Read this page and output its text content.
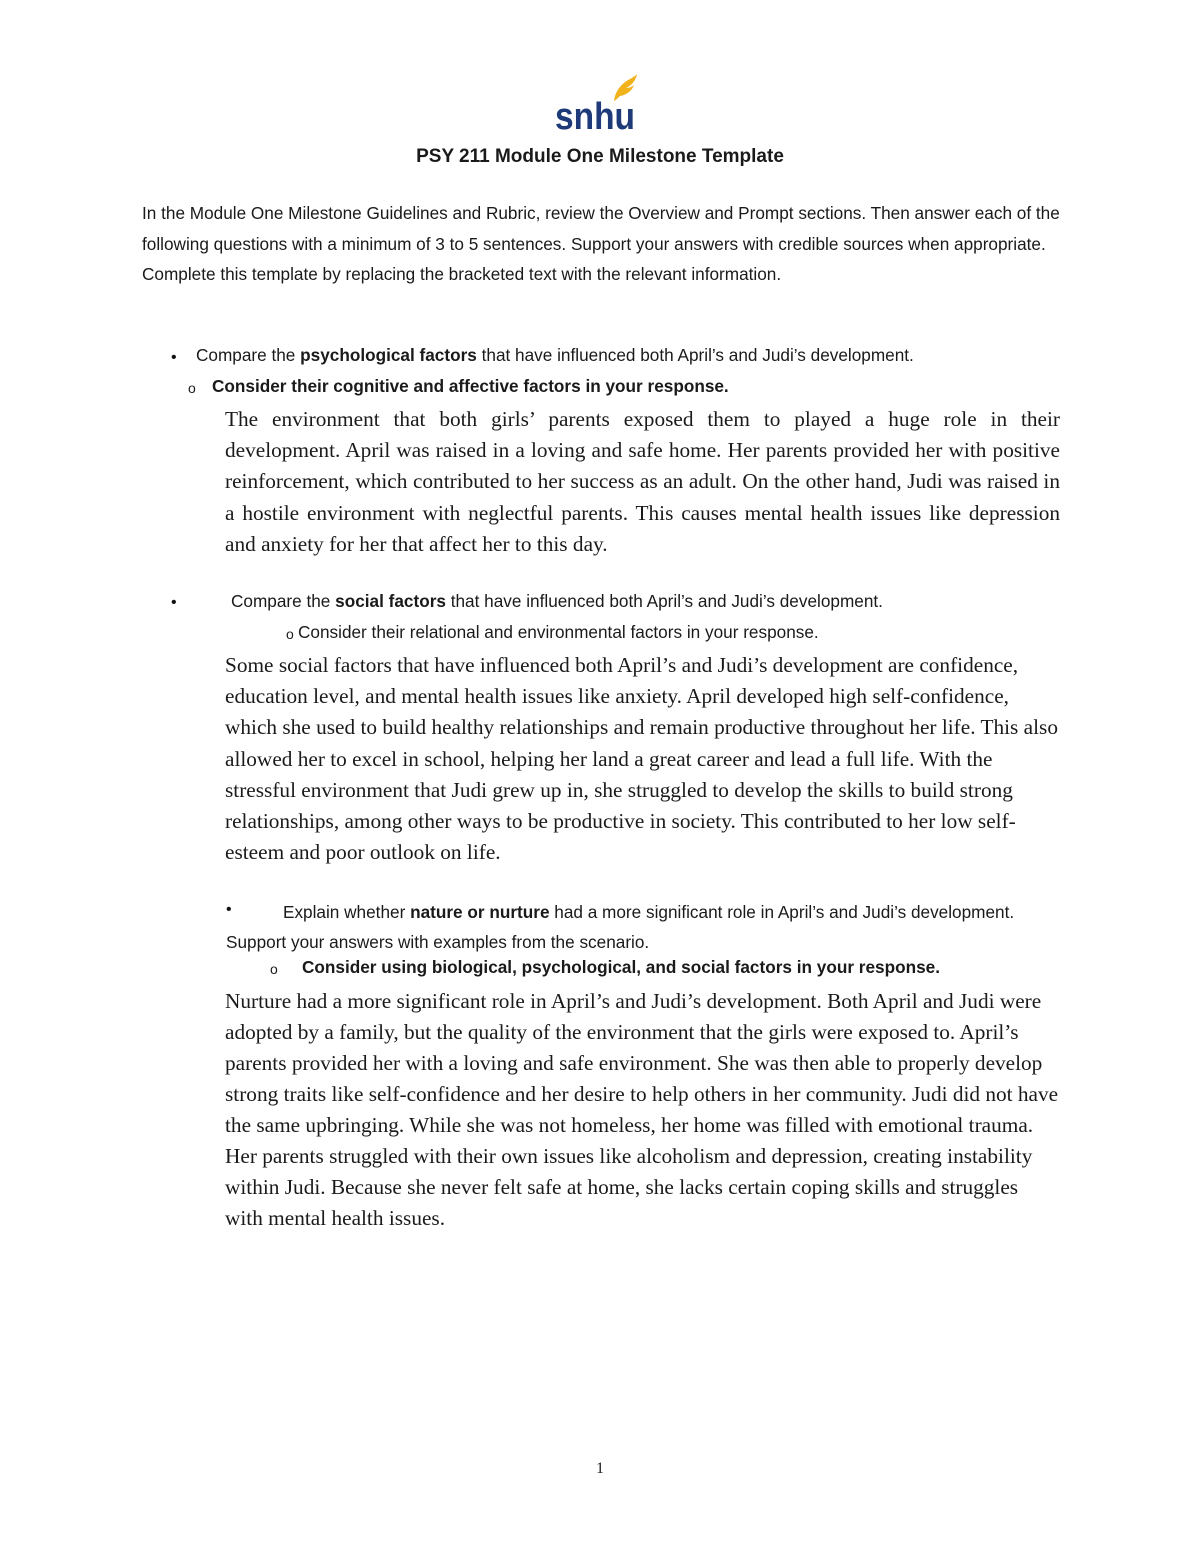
snhu
PSY 211 Module One Milestone Template
In the Module One Milestone Guidelines and Rubric, review the Overview and Prompt sections. Then answer each of the following questions with a minimum of 3 to 5 sentences. Support your answers with credible sources when appropriate. Complete this template by replacing the bracketed text with the relevant information.
• Compare the psychological factors that have influenced both April’s and Judi’s development.
o Consider their cognitive and affective factors in your response.
The environment that both girls’ parents exposed them to played a huge role in their development. April was raised in a loving and safe home. Her parents provided her with positive reinforcement, which contributed to her success as an adult. On the other hand, Judi was raised in a hostile environment with neglectful parents. This causes mental health issues like depression and anxiety for her that affect her to this day.
•	Compare the social factors that have influenced both April’s and Judi’s development.
o Consider their relational and environmental factors in your response.
Some social factors that have influenced both April’s and Judi’s development are confidence, education level, and mental health issues like anxiety. April developed high self-confidence, which she used to build healthy relationships and remain productive throughout her life. This also allowed her to excel in school, helping her land a great career and lead a full life. With the stressful environment that Judi grew up in, she struggled to develop the skills to build strong relationships, among other ways to be productive in society. This contributed to her low self-esteem and poor outlook on life.
•	Explain whether nature or nurture had a more significant role in April’s and Judi’s development. Support your answers with examples from the scenario.
o Consider using biological, psychological, and social factors in your response.
Nurture had a more significant role in April’s and Judi’s development. Both April and Judi were adopted by a family, but the quality of the environment that the girls were exposed to. April’s parents provided her with a loving and safe environment. She was then able to properly develop strong traits like self-confidence and her desire to help others in her community. Judi did not have the same upbringing. While she was not homeless, her home was filled with emotional trauma. Her parents struggled with their own issues like alcoholism and depression, creating instability within Judi. Because she never felt safe at home, she lacks certain coping skills and struggles with mental health issues.
1
